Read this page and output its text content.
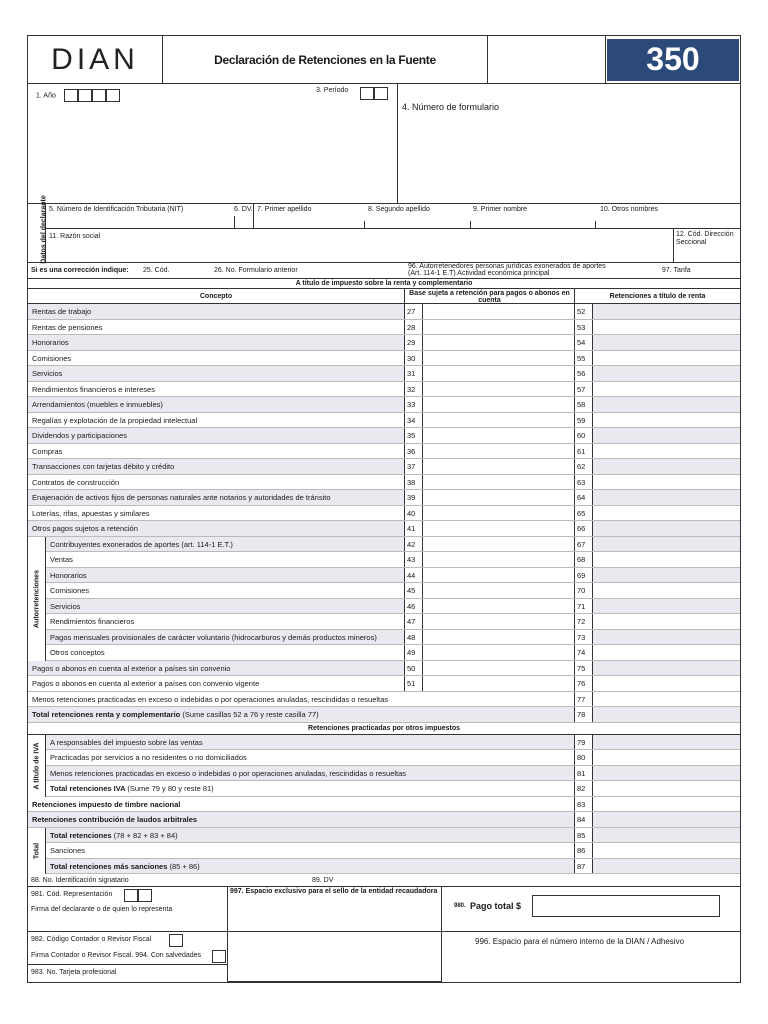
DIAN	Declaración de Retenciones en la Fuente	350
1. Año
3. Período
4. Número de formulario
Datos del declarante 5. Número de Identificación Tributaria (NIT)	6. DV. 7. Primer apellido	8. Segundo apellido	9. Primer nombre	10. Otros nombres
11. Razón social	12. Cód. Dirección Seccional
Si es una corrección indique: 25. Cód.	26. No. Formulario anterior
96. Autorretenedores personas jurídicas exonerados de aportes (Art. 114-1 E.T) Actividad económica principal	97. Tarifa
A título de impuesto sobre la renta y complementario
Concepto	Base sujeta a retención para pagos o abonos en cuenta
Retenciones a título de renta
Rentas de trabajo	27	52
Rentas de pensiones	28	53
Honorarios	29	54
Comisiones	30	55
Servicios	31	56
Rendimientos financieros e intereses	32	57
Arrendamientos (muebles e inmuebles)	33	58
Regalías y explotación de la propiedad intelectual	34	59
Dividendos y participaciones	35	60
Compras	36	61
Transacciones con tarjetas débito y crédito	37	62
Contratos de construcción	38	63
Enajenación de activos fijos de personas naturales ante notarios y autoridades de tránsito	39	64
Loterías, rifas, apuestas y similares	40	65
Otros pagos sujetos a retención	41	66
Autorretenciones
Contribuyentes exonerados de aportes (art. 114-1 E.T.)	42	67
Ventas	43	68
Honorarios	44	69
Comisiones	45	70
Servicios	46	71
Rendimientos financieros	47	72
Pagos mensuales provisionales de carácter voluntario (hidrocarburos y demás productos mineros)	48	73
Otros conceptos	49	74
Pagos o abonos en cuenta al exterior a países sin convenio	50	75
Pagos o abonos en cuenta al exterior a países con convenio vigente	51	76
Menos retenciones practicadas en exceso o indebidas o por operaciones anuladas, rescindidas o resueltas	77
Total retenciones renta y complementario (Sume casillas 52 a 76 y reste casilla 77)	78
Retenciones practicadas por otros impuestos
A título de IVA	A responsables del impuesto sobre las ventas	79
Practicadas por servicios a no residentes o no domiciliados	80
Menos retenciones practicadas en exceso o indebidas o por operaciones anuladas, rescindidas o resueltas	81
Total retenciones IVA (Sume 79 y 80 y reste 81)	82
Retenciones impuesto de timbre nacional	83
Retenciones contribución de laudos arbitrales	84
Total
Total retenciones (78 + 82 + 83 + 84)	85
Sanciones	86
Total retenciones más sanciones (85 + 86)	87
88. No. Identificación signatario	89. DV
981. Cód. Representación
Firma del declarante o de quien lo representa
997. Espacio exclusivo para el sello de la entidad recaudadora
980. Pago total $
982. Código Contador o Revisor Fiscal
Firma Contador o Revisor Fiscal. 994. Con salvedades
983. No. Tarjeta profesional
996. Espacio para el número interno de la DIAN / Adhesivo
